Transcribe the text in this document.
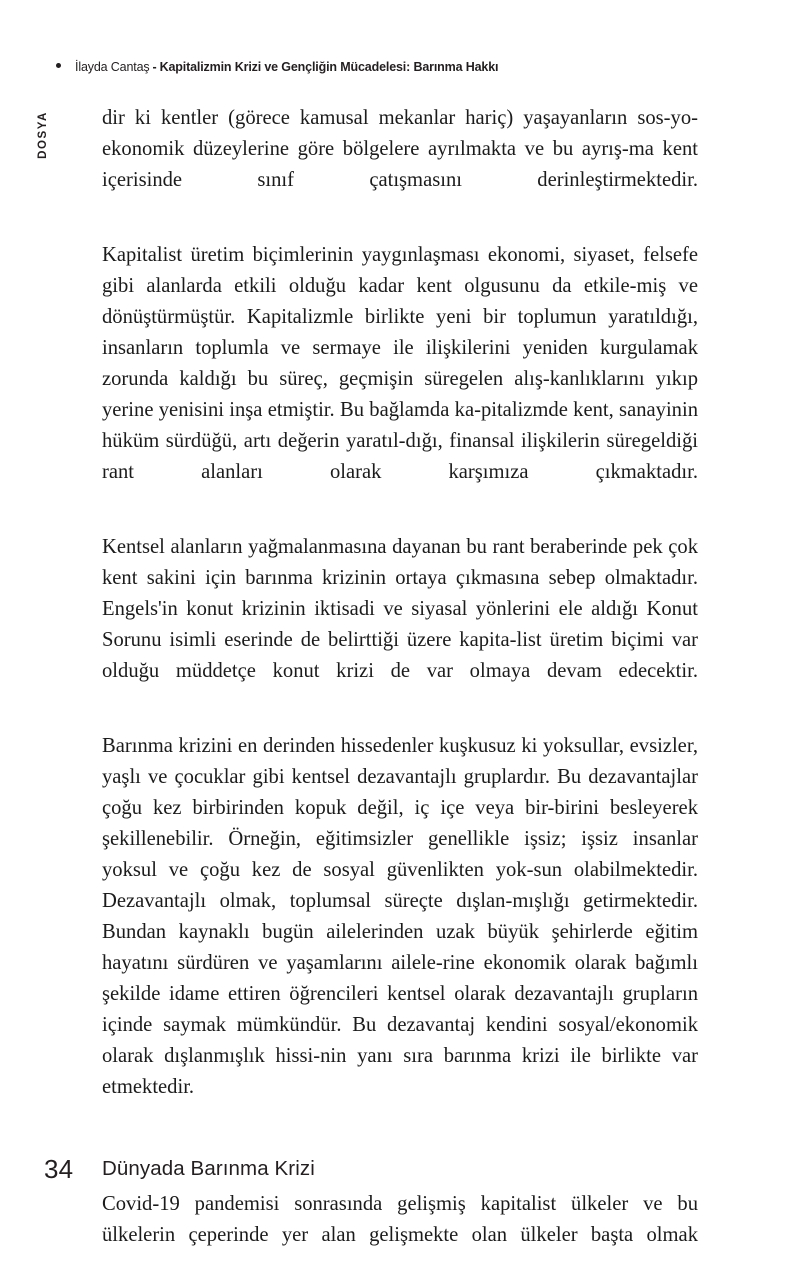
İlayda Cantaş - Kapitalizmin Krizi ve Gençliğin Mücadelesi: Barınma Hakkı
DOSYA	dir ki kentler (görece kamusal mekanlar hariç) yaşayanların sos-yo-ekonomik düzeylerine göre bölgelere ayrılmakta ve bu ayrış-ma kent içerisinde sınıf çatışmasını derinleştirmektedir.

Kapitalist üretim biçimlerinin yaygınlaşması ekonomi, siyaset, felsefe gibi alanlarda etkili olduğu kadar kent olgusunu da etkile-miş ve dönüştürmüştür. Kapitalizmle birlikte yeni bir toplumun yaratıldığı, insanların toplumla ve sermaye ile ilişkilerini yeniden kurgulamak zorunda kaldığı bu süreç, geçmişin süregelen alış-kanlıklarını yıkıp yerine yenisini inşa etmiştir. Bu bağlamda ka-pitalizmde kent, sanayinin hüküm sürdüğü, artı değerin yaratıl-dığı, finansal ilişkilerin süregeldiği rant alanları olarak karşımıza çıkmaktadır.

Kentsel alanların yağmalanmasına dayanan bu rant beraberinde pek çok kent sakini için barınma krizinin ortaya çıkmasına sebep olmaktadır. Engels'in konut krizinin iktisadi ve siyasal yönlerini ele aldığı Konut Sorunu isimli eserinde de belirttiği üzere kapita-list üretim biçimi var olduğu müddetçe konut krizi de var olmaya devam edecektir.

Barınma krizini en derinden hissedenler kuşkusuz ki yoksullar, evsizler, yaşlı ve çocuklar gibi kentsel dezavantajlı gruplardır. Bu dezavantajlar çoğu kez birbirinden kopuk değil, iç içe veya bir-birini besleyerek şekillenebilir. Örneğin, eğitimsizler genellikle işsiz; işsiz insanlar yoksul ve çoğu kez de sosyal güvenlikten yok-sun olabilmektedir. Dezavantajlı olmak, toplumsal süreçte dışlan-mışlığı getirmektedir. Bundan kaynaklı bugün ailelerinden uzak büyük şehirlerde eğitim hayatını sürdüren ve yaşamlarını ailele-rine ekonomik olarak bağımlı şekilde idame ettiren öğrencileri kentsel olarak dezavantajlı grupların içinde saymak mümkündür. Bu dezavantaj kendini sosyal/ekonomik olarak dışlanmışlık hissi-nin yanı sıra barınma krizi ile birlikte var etmektedir.

Dünyada Barınma Krizi

Covid-19 pandemisi sonrasında gelişmiş kapitalist ülkeler ve bu ülkelerin çeperinde yer alan gelişmekte olan ülkeler başta olmak

34
